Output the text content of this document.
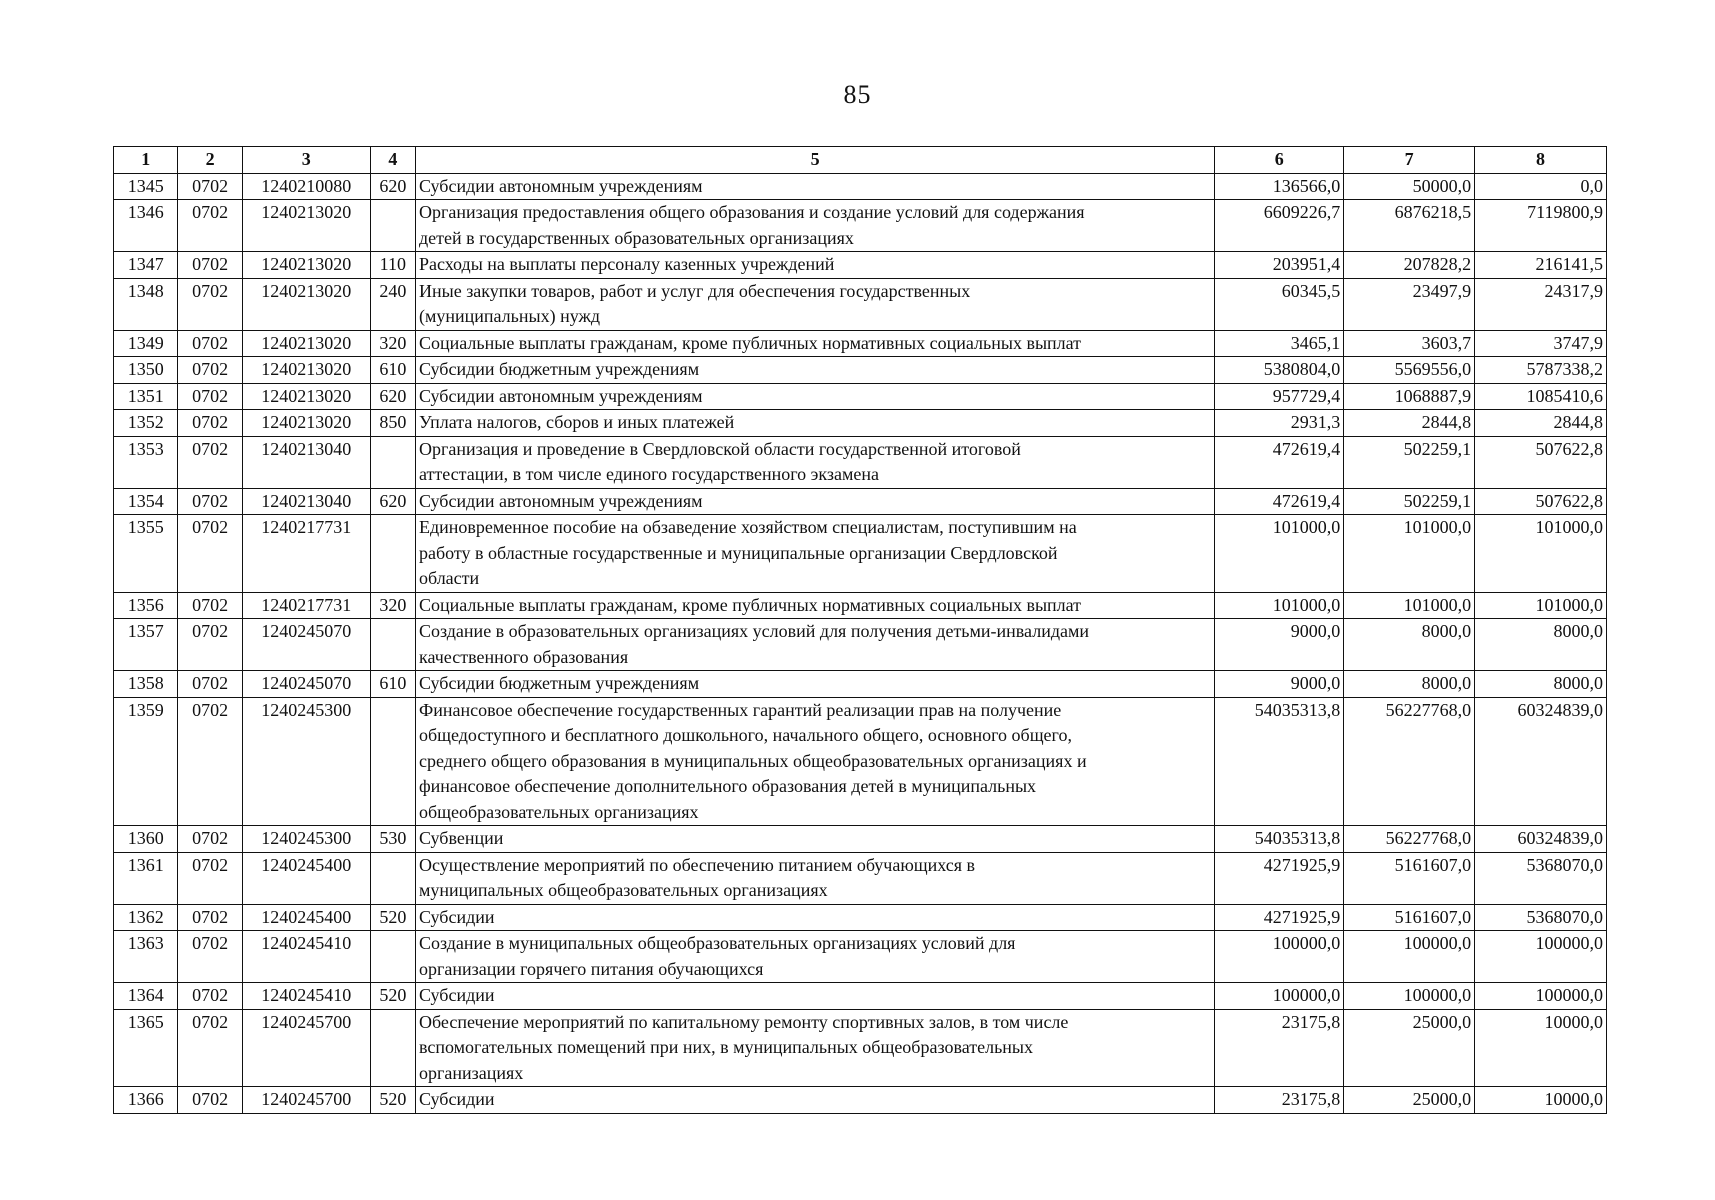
85
1	2	3	4	5	6	7	8
1345	0702	1240210080	620	Субсидии автономным учреждениям	136566,0	50000,0	0,0
1346	0702	1240213020		Организация предоставления общего образования и создание условий для содержания
детей в государственных образовательных организациях	6609226,7	6876218,5	7119800,9
1347	0702	1240213020	110	Расходы на выплаты персоналу казенных учреждений	203951,4	207828,2	216141,5
1348	0702	1240213020	240	Иные закупки товаров, работ и услуг для обеспечения государственных
(муниципальных) нужд	60345,5	23497,9	24317,9
1349	0702	1240213020	320	Социальные выплаты гражданам, кроме публичных нормативных социальных выплат	3465,1	3603,7	3747,9
1350	0702	1240213020	610	Субсидии бюджетным учреждениям	5380804,0	5569556,0	5787338,2
1351	0702	1240213020	620	Субсидии автономным учреждениям	957729,4	1068887,9	1085410,6
1352	0702	1240213020	850	Уплата налогов, сборов и иных платежей	2931,3	2844,8	2844,8
1353	0702	1240213040		Организация и проведение в Свердловской области государственной итоговой
аттестации, в том числе единого государственного экзамена	472619,4	502259,1	507622,8
1354	0702	1240213040	620	Субсидии автономным учреждениям	472619,4	502259,1	507622,8
1355	0702	1240217731		Единовременное пособие на обзаведение хозяйством специалистам, поступившим на
работу в областные государственные и муниципальные организации Свердловской
области	101000,0	101000,0	101000,0
1356	0702	1240217731	320	Социальные выплаты гражданам, кроме публичных нормативных социальных выплат	101000,0	101000,0	101000,0
1357	0702	1240245070		Создание в образовательных организациях условий для получения детьми-инвалидами
качественного образования	9000,0	8000,0	8000,0
1358	0702	1240245070	610	Субсидии бюджетным учреждениям	9000,0	8000,0	8000,0
1359	0702	1240245300		Финансовое обеспечение государственных гарантий реализации прав на получение
общедоступного и бесплатного дошкольного, начального общего, основного общего,
среднего общего образования в муниципальных общеобразовательных организациях и
финансовое обеспечение дополнительного образования детей в муниципальных
общеобразовательных организациях	54035313,8	56227768,0	60324839,0
1360	0702	1240245300	530	Субвенции	54035313,8	56227768,0	60324839,0
1361	0702	1240245400		Осуществление мероприятий по обеспечению питанием обучающихся в
муниципальных общеобразовательных организациях	4271925,9	5161607,0	5368070,0
1362	0702	1240245400	520	Субсидии	4271925,9	5161607,0	5368070,0
1363	0702	1240245410		Создание в муниципальных общеобразовательных организациях условий для
организации горячего питания обучающихся	100000,0	100000,0	100000,0
1364	0702	1240245410	520	Субсидии	100000,0	100000,0	100000,0
1365	0702	1240245700		Обеспечение мероприятий по капитальному ремонту спортивных залов, в том числе
вспомогательных помещений при них, в муниципальных общеобразовательных
организациях	23175,8	25000,0	10000,0
1366	0702	1240245700	520	Субсидии	23175,8	25000,0	10000,0
